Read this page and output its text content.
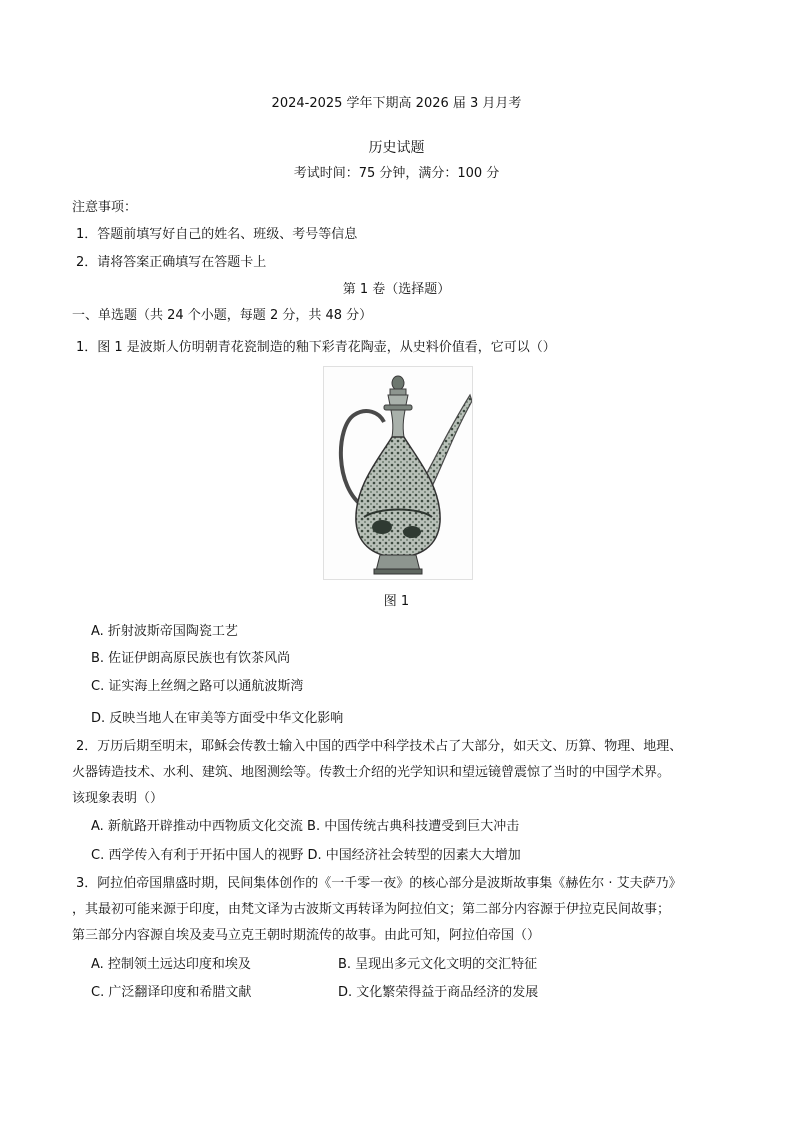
2024-2025 学年下期高 2026 届 3 月月考
历史试题
考试时间：75 分钟，满分：100 分
注意事项：
1．答题前填写好自己的姓名、班级、考号等信息
2．请将答案正确填写在答题卡上
第 1 卷（选择题）
一、单选题（共 24 个小题，每题 2 分，共 48 分）
1．图 1 是波斯人仿明朝青花瓷制造的釉下彩青花陶壶，从史料价值看，它可以（）
图 1
A. 折射波斯帝国陶瓷工艺
B. 佐证伊朗高原民族也有饮茶风尚
C. 证实海上丝绸之路可以通航波斯湾
D. 反映当地人在审美等方面受中华文化影响
2．万历后期至明末，耶稣会传教士输入中国的西学中科学技术占了大部分，如天文、历算、物理、地理、
火器铸造技术、水利、建筑、地图测绘等。传教士介绍的光学知识和望远镜曾震惊了当时的中国学术界。
该现象表明（）
A. 新航路开辟推动中西物质文化交流 B. 中国传统古典科技遭受到巨大冲击
C. 西学传入有利于开拓中国人的视野 D. 中国经济社会转型的因素大大增加
3．阿拉伯帝国鼎盛时期，民间集体创作的《一千零一夜》的核心部分是波斯故事集《赫佐尔 · 艾夫萨乃》
，其最初可能来源于印度，由梵文译为古波斯文再转译为阿拉伯文；第二部分内容源于伊拉克民间故事；
第三部分内容源自埃及麦马立克王朝时期流传的故事。由此可知，阿拉伯帝国（）
A. 控制领土远达印度和埃及	B. 呈现出多元文化文明的交汇特征
C. 广泛翻译印度和希腊文献	D. 文化繁荣得益于商品经济的发展
